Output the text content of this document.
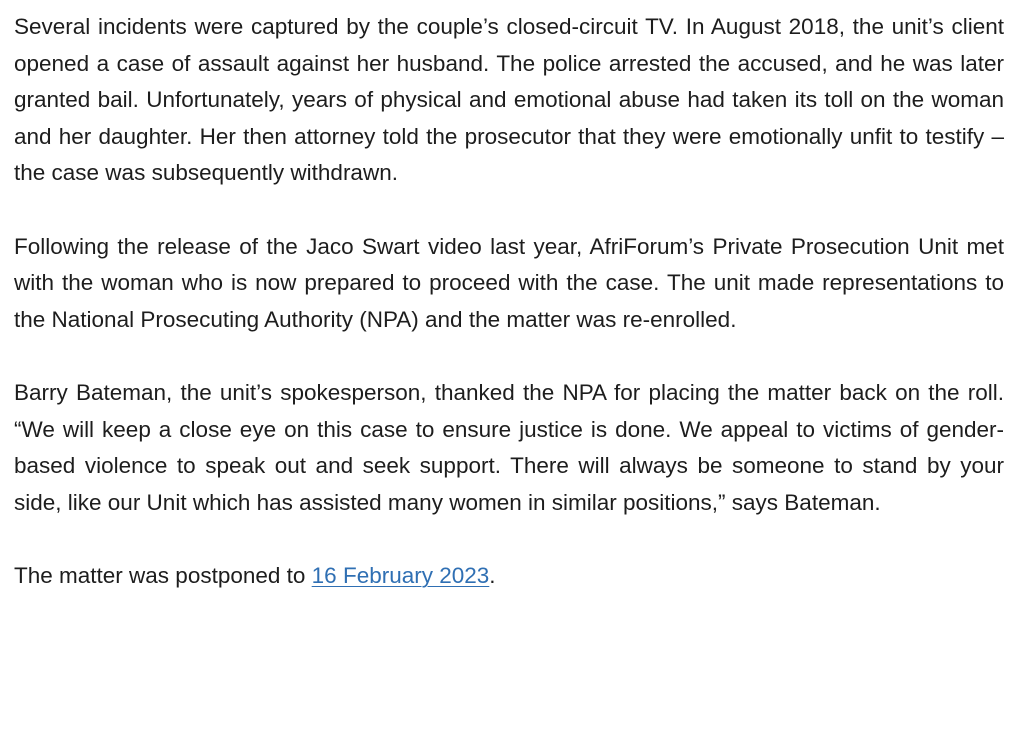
Several incidents were captured by the couple’s closed-circuit TV. In August 2018, the unit’s client opened a case of assault against her husband. The police arrested the accused, and he was later granted bail. Unfortunately, years of physical and emotional abuse had taken its toll on the woman and her daughter. Her then attorney told the prosecutor that they were emotionally unfit to testify – the case was subsequently withdrawn.

Following the release of the Jaco Swart video last year, AfriForum’s Private Prosecution Unit met with the woman who is now prepared to proceed with the case. The unit made representations to the National Prosecuting Authority (NPA) and the matter was re-enrolled.

Barry Bateman, the unit’s spokesperson, thanked the NPA for placing the matter back on the roll. “We will keep a close eye on this case to ensure justice is done. We appeal to victims of gender-based violence to speak out and seek support. There will always be someone to stand by your side, like our Unit which has assisted many women in similar positions,” says Bateman.

The matter was postponed to 16 February 2023.
